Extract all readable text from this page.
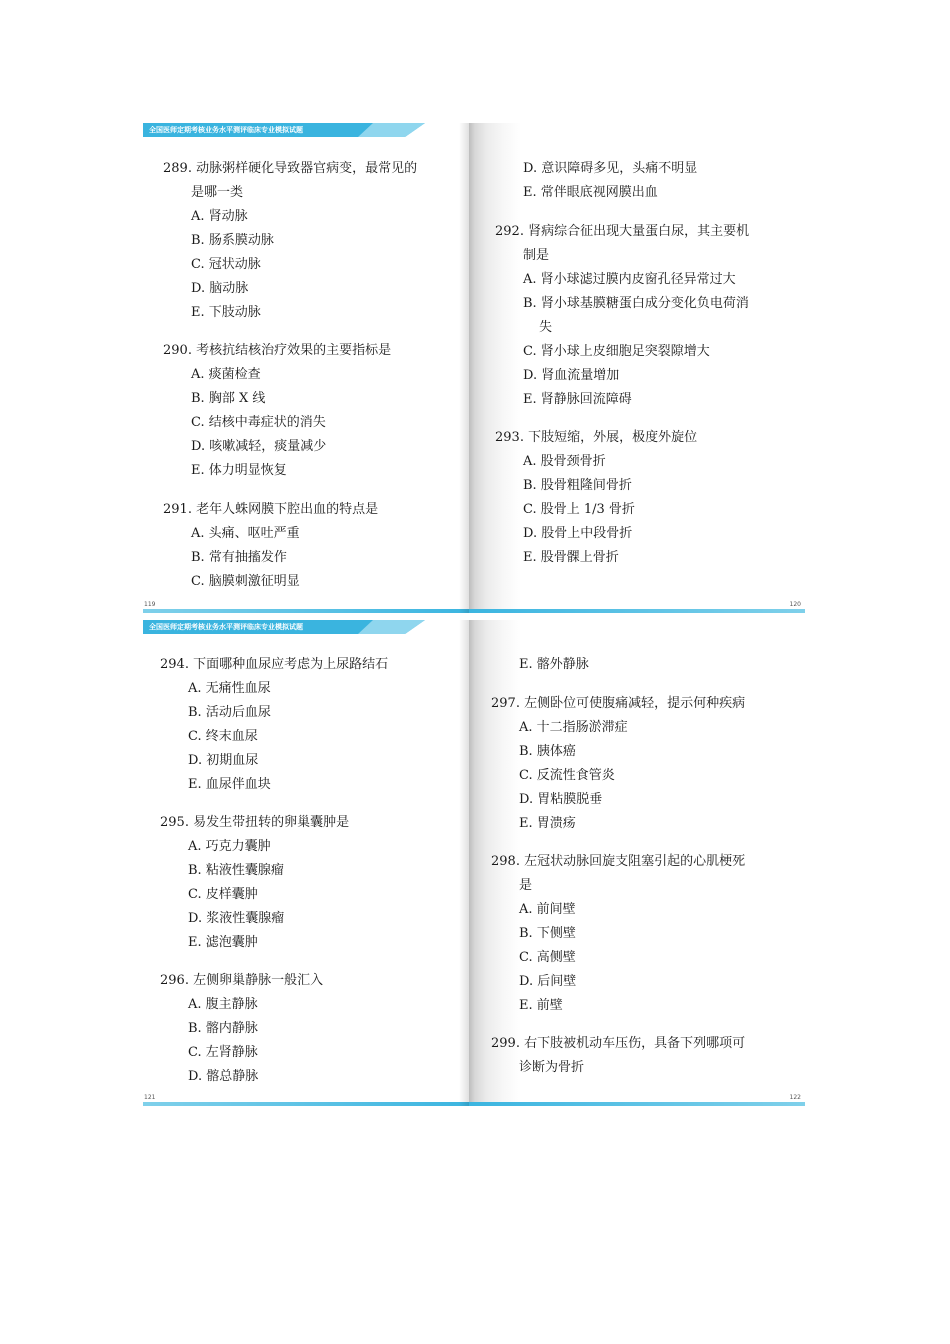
全国医师定期考核业务水平测评临床专业模拟试题
289. 动脉粥样硬化导致器官病变，最常见的
是哪一类
A. 肾动脉
B. 肠系膜动脉
C. 冠状动脉
D. 脑动脉
E. 下肢动脉
290. 考核抗结核治疗效果的主要指标是
A. 痰菌检查
B. 胸部 X 线
C. 结核中毒症状的消失
D. 咳嗽减轻，痰量减少
E. 体力明显恢复
291. 老年人蛛网膜下腔出血的特点是
A. 头痛、呕吐严重
B. 常有抽搐发作
C. 脑膜刺激征明显
119
D. 意识障碍多见，头痛不明显
E. 常伴眼底视网膜出血
292. 肾病综合征出现大量蛋白尿，其主要机
制是
A. 肾小球滤过膜内皮窗孔径异常过大
B. 肾小球基膜糖蛋白成分变化负电荷消
失
C. 肾小球上皮细胞足突裂隙增大
D. 肾血流量增加
E. 肾静脉回流障碍
293. 下肢短缩，外展，极度外旋位
A. 股骨颈骨折
B. 股骨粗隆间骨折
C. 股骨上 1/3 骨折
D. 股骨上中段骨折
E. 股骨髁上骨折
120
全国医师定期考核业务水平测评临床专业模拟试题
294. 下面哪种血尿应考虑为上尿路结石
A. 无痛性血尿
B. 活动后血尿
C. 终末血尿
D. 初期血尿
E. 血尿伴血块
295. 易发生带扭转的卵巢囊肿是
A. 巧克力囊肿
B. 粘液性囊腺瘤
C. 皮样囊肿
D. 浆液性囊腺瘤
E. 滤泡囊肿
296. 左侧卵巢静脉一般汇入
A. 腹主静脉
B. 髂内静脉
C. 左肾静脉
D. 髂总静脉
121
E. 髂外静脉
297. 左侧卧位可使腹痛减轻，提示何种疾病
A. 十二指肠淤滞症
B. 胰体癌
C. 反流性食管炎
D. 胃粘膜脱垂
E. 胃溃疡
298. 左冠状动脉回旋支阻塞引起的心肌梗死
是
A. 前间壁
B. 下侧壁
C. 高侧壁
D. 后间壁
E. 前壁
299. 右下肢被机动车压伤，具备下列哪项可
诊断为骨折
122
